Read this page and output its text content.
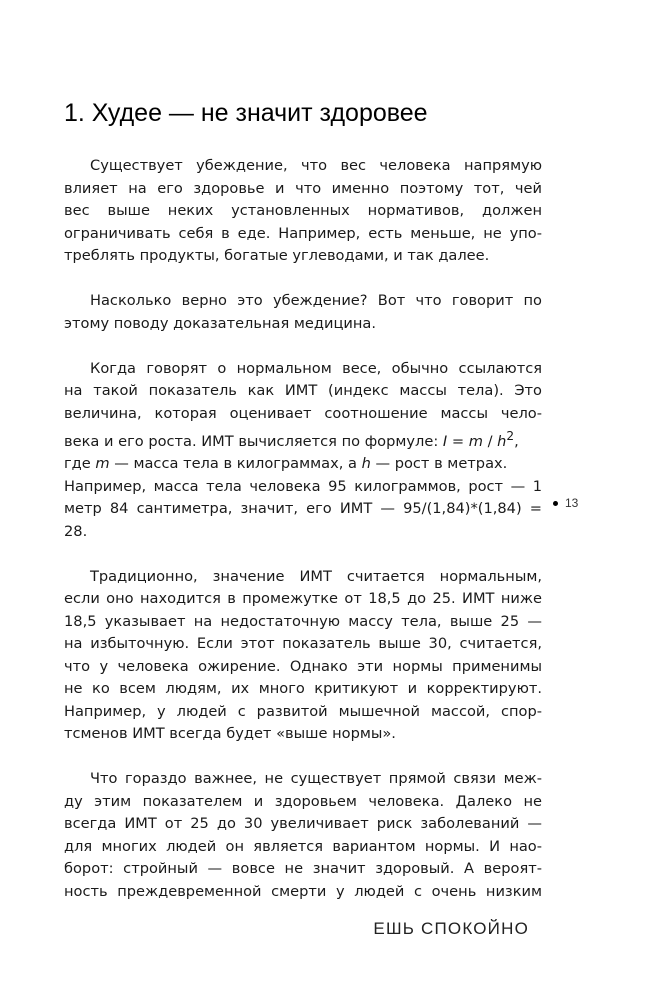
1. Худее — не значит здоровее

Существует убеждение, что вес человека напрямую
влияет на его здоровье и что именно поэтому тот, чей
вес выше неких установленных нормативов, должен
ограничивать себя в еде. Например, есть меньше, не упо-
треблять продукты, богатые углеводами, и так далее.

Насколько верно это убеждение? Вот что говорит по
этому поводу доказательная медицина.

Когда говорят о нормальном весе, обычно ссылаются
на такой показатель как ИМТ (индекс массы тела). Это
величина, которая оценивает соотношение массы чело-
века и его роста. ИМТ вычисляется по формуле: $I = m / h^2$,
где m — масса тела в килограммах, а h — рост в метрах.
Например, масса тела человека 95 килограммов, рост — 1
метр 84 сантиметра, значит, его ИМТ — 95/(1,84)*(1,84) =
28.

Традиционно, значение ИМТ считается нормальным,
если оно находится в промежутке от 18,5 до 25. ИМТ ниже
18,5 указывает на недостаточную массу тела, выше 25 —
на избыточную. Если этот показатель выше 30, считается,
что у человека ожирение. Однако эти нормы применимы
не ко всем людям, их много критикуют и корректируют.
Например, у людей с развитой мышечной массой, спор-
тсменов ИМТ всегда будет «выше нормы».

Что гораздо важнее, не существует прямой связи меж-
ду этим показателем и здоровьем человека. Далеко не
всегда ИМТ от 25 до 30 увеличивает риск заболеваний —
для многих людей он является вариантом нормы. И нао-
борот: стройный — вовсе не значит здоровый. А вероят-
ность преждевременной смерти у людей с очень низким

13
ЕШЬ СПОКОЙНО
